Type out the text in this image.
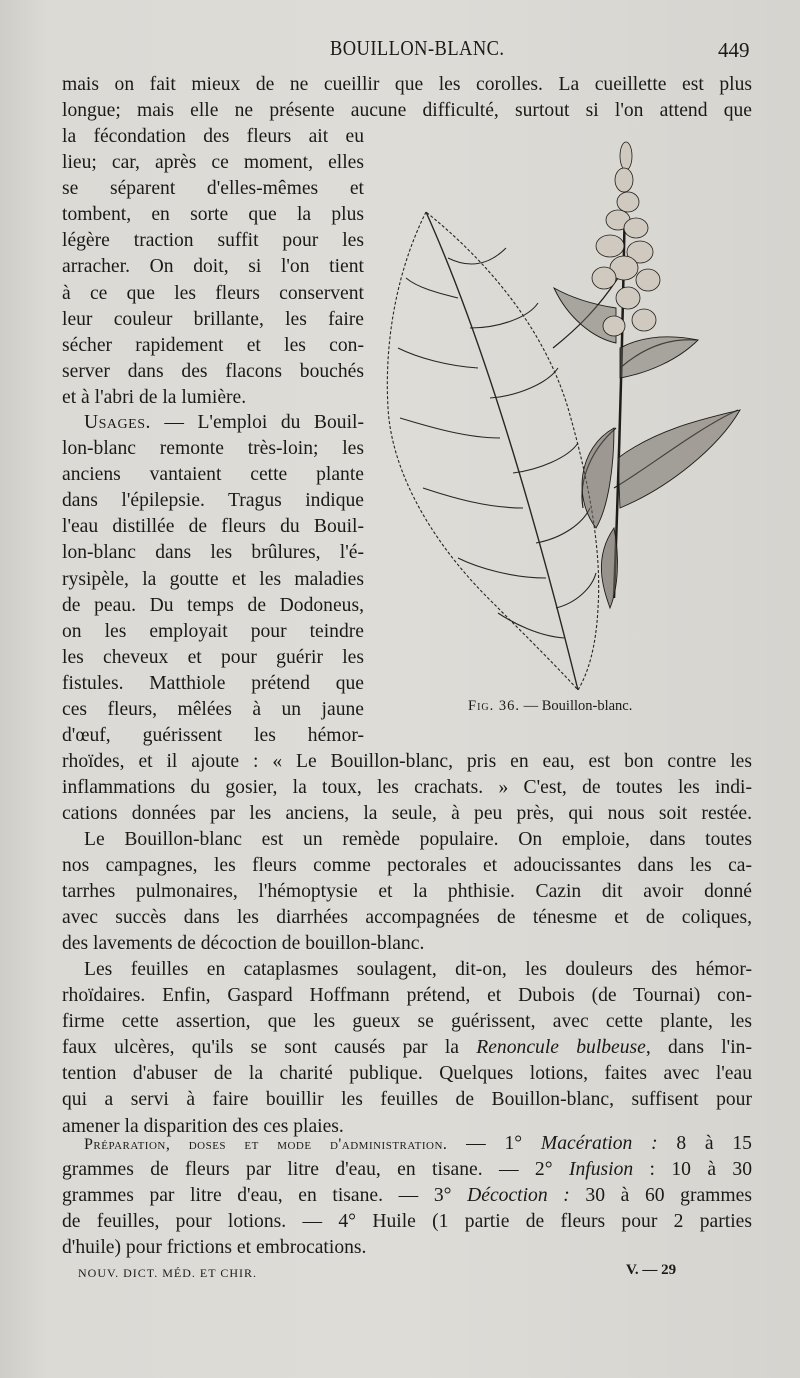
BOUILLON-BLANC.	449
mais on fait mieux de ne cueillir que les corolles. La cueillette est plus
longue; mais elle ne présente aucune difficulté, surtout si l'on attend que
la fécondation des fleurs ait eu
lieu; car, après ce moment, elles
se séparent d'elles-mêmes et
tombent, en sorte que la plus
légère traction suffit pour les
arracher. On doit, si l'on tient
à ce que les fleurs conservent
leur couleur brillante, les faire
sécher rapidement et les con-
server dans des flacons bouchés
et à l'abri de la lumière.
Usages. — L'emploi du Bouil-
lon-blanc remonte très-loin; les
anciens vantaient cette plante
dans l'épilepsie. Tragus indique
l'eau distillée de fleurs du Bouil-
lon-blanc dans les brûlures, l'é-
rysipèle, la goutte et les maladies
de peau. Du temps de Dodoneus,
on les employait pour teindre
les cheveux et pour guérir les
fistules. Matthiole prétend que
ces fleurs, mêlées à un jaune
d'œuf, guérissent les hémor-
rhoïdes, et il ajoute : « Le Bouillon-blanc, pris en eau, est bon contre les
inflammations du gosier, la toux, les crachats. » C'est, de toutes les indi-
cations données par les anciens, la seule, à peu près, qui nous soit restée.
Fig. 36. — Bouillon-blanc.
Le Bouillon-blanc est un remède populaire. On emploie, dans toutes
nos campagnes, les fleurs comme pectorales et adoucissantes dans les ca-
tarrhes pulmonaires, l'hémoptysie et la phthisie. Cazin dit avoir donné
avec succès dans les diarrhées accompagnées de ténesme et de coliques,
des lavements de décoction de bouillon-blanc.
Les feuilles en cataplasmes soulagent, dit-on, les douleurs des hémor-
rhoïdaires. Enfin, Gaspard Hoffmann prétend, et Dubois (de Tournai) con-
firme cette assertion, que les gueux se guérissent, avec cette plante, les
faux ulcères, qu'ils se sont causés par la Renoncule bulbeuse, dans l'in-
tention d'abuser de la charité publique. Quelques lotions, faites avec l'eau
qui a servi à faire bouillir les feuilles de Bouillon-blanc, suffisent pour
amener la disparition des ces plaies.
Préparation, doses et mode d'administration. — 1° Macération : 8 à 15
grammes de fleurs par litre d'eau, en tisane. — 2° Infusion : 10 à 30
grammes par litre d'eau, en tisane. — 3° Décoction : 30 à 60 grammes
de feuilles, pour lotions. — 4° Huile (1 partie de fleurs pour 2 parties
d'huile) pour frictions et embrocations.
NOUV. DICT. MÉD. ET CHIR.	V. — 29
